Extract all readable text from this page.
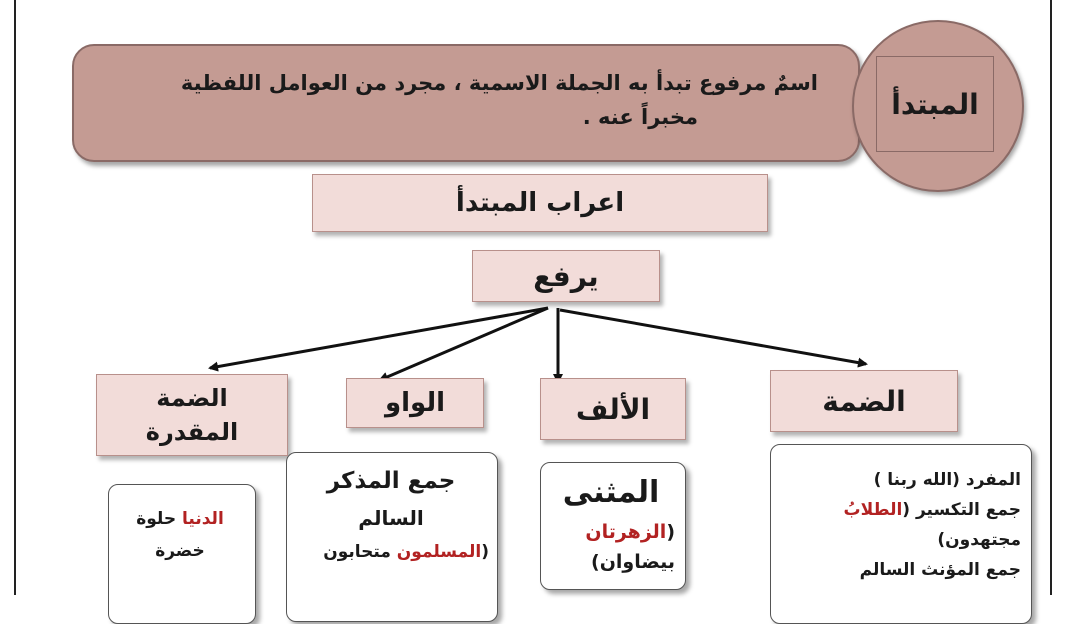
اسمٌ مرفوع تبدأ به الجملة الاسمية ، مجرد من العوامل اللفظية
مخبراً عنه .	المبتدأ
اعراب المبتدأ
يرفع
الضمة
الألف
الواو
الضمة
المقدرة
المفرد (الله ربنا )
جمع التكسير (الطلابُ
مجتهدون)
جمع المؤنث السالم
المثنى
(الزهرتان
بيضاوان)
جمع المذكر
السالم
(المسلمون متحابون
الدنيا حلوة
خضرة
